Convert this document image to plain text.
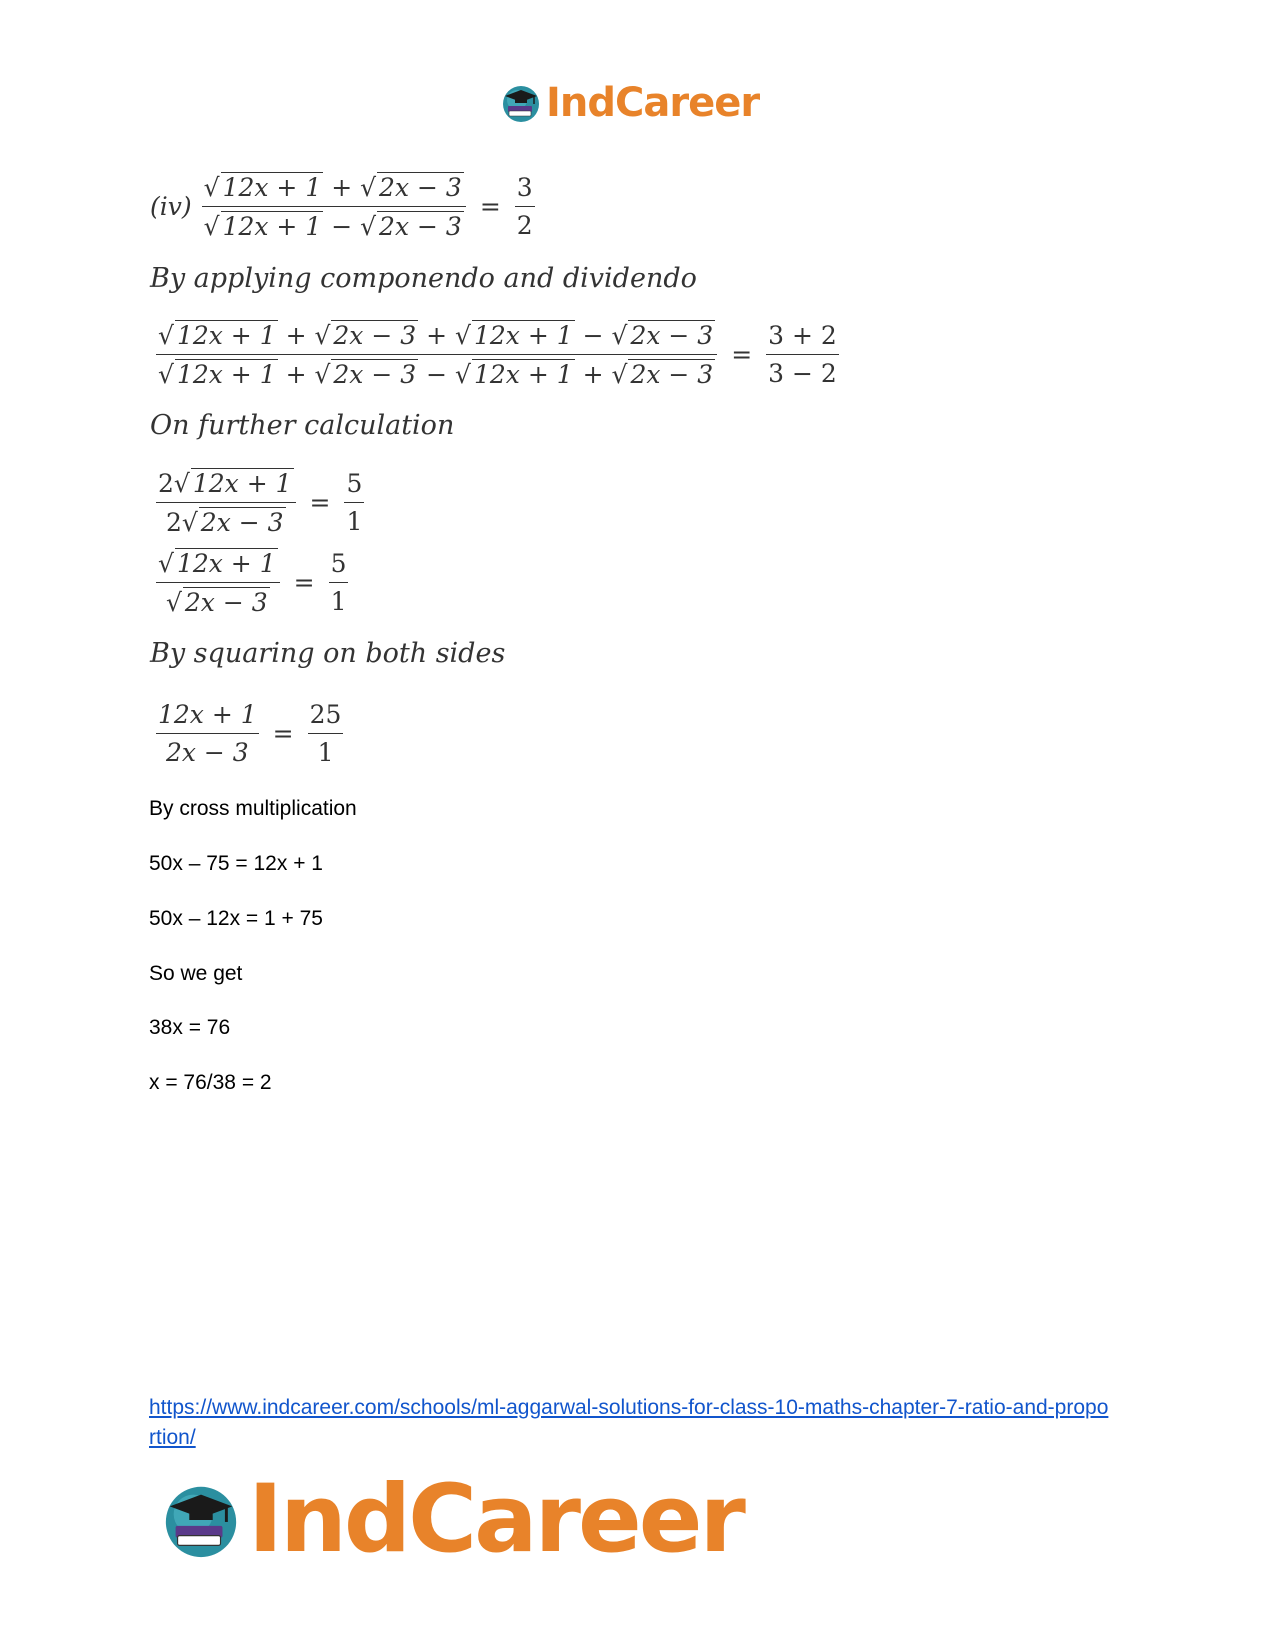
IndCareer
$(iv) \frac{√ 12x + 1 + √ 2x - 3}{√ 12x + 1 - √ 2x - 3} = \frac{3}{2}$
By applying componendo and dividendo
$\frac{√ 12x + 1 + √ 2x - 3 + √ 12x + 1 - √ 2x - 3}{√ 12x + 1 + √ 2x - 3 - √ 12x + 1 + √ 2x - 3} = \frac{3 + 2}{3 - 2}$
On further calculation
$\frac{2√ 12x + 1}{2√ 2x - 3} = \frac{5}{1}$
$\frac{√ 12x + 1}{√ 2x - 3} = \frac{5}{1}$
By squaring on both sides
$\frac{12x + 1}{2x - 3} = \frac{25}{1}$
By cross multiplication
50x – 75 = 12x + 1
50x – 12x = 1 + 75
So we get
38x = 76
x = 76/38 = 2
https://www.indcareer.com/schools/ml-aggarwal-solutions-for-class-10-maths-chapter-7-ratio-and-proportion/
IndCareer
